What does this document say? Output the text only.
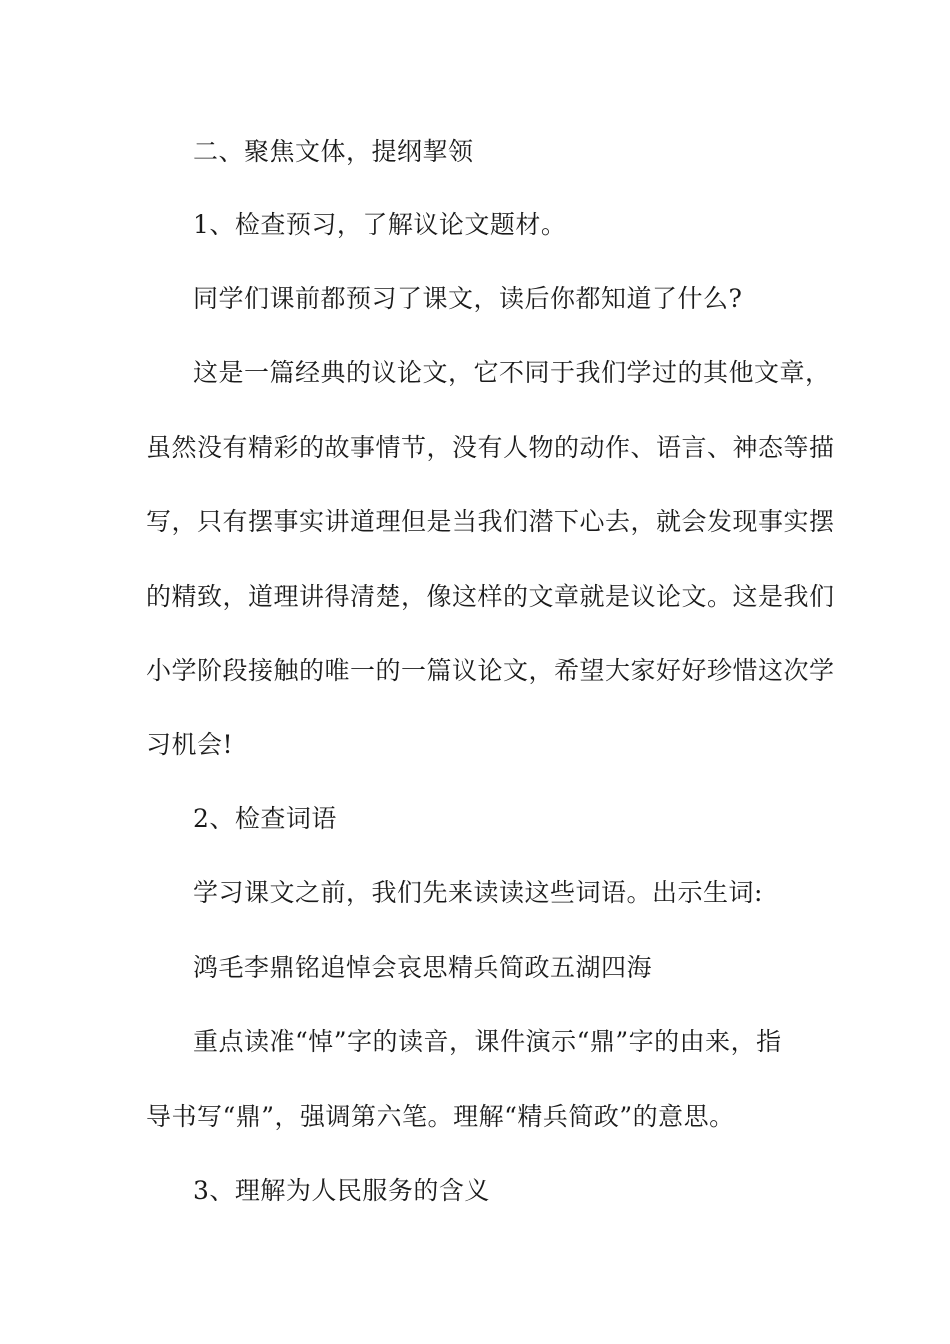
二、聚焦文体，提纲挈领
1、检查预习，了解议论文题材。
同学们课前都预习了课文，读后你都知道了什么?
这是一篇经典的议论文，它不同于我们学过的其他文章，
虽然没有精彩的故事情节，没有人物的动作、语言、神态等描
写，只有摆事实讲道理但是当我们潜下心去，就会发现事实摆
的精致，道理讲得清楚，像这样的文章就是议论文。这是我们
小学阶段接触的唯一的一篇议论文，希望大家好好珍惜这次学
习机会!
2、检查词语
学习课文之前，我们先来读读这些词语。出示生词:
鸿毛李鼎铭追悼会哀思精兵简政五湖四海
重点读准“悼”字的读音，课件演示“鼎”字的由来，指
导书写“鼎”，强调第六笔。理解“精兵简政”的意思。
3、理解为人民服务的含义
